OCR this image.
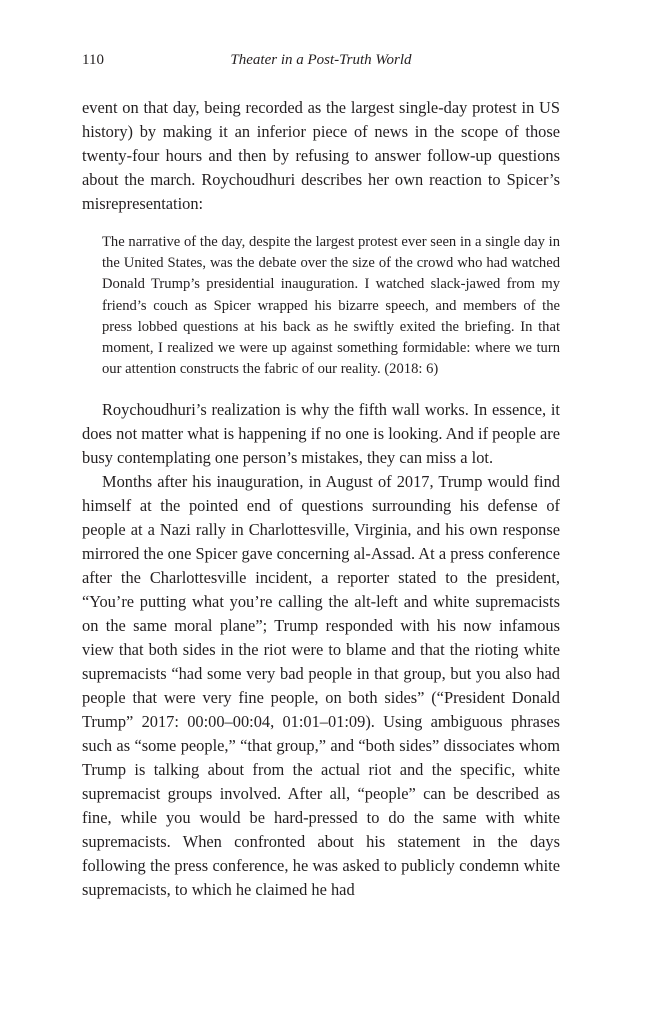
110	Theater in a Post-Truth World

event on that day, being recorded as the largest single-day protest in US history) by making it an inferior piece of news in the scope of those twenty-four hours and then by refusing to answer follow-up questions about the march. Roychoudhuri describes her own reaction to Spicer’s misrepresentation:

The narrative of the day, despite the largest protest ever seen in a single day in the United States, was the debate over the size of the crowd who had watched Donald Trump’s presidential inauguration. I watched slack-jawed from my friend’s couch as Spicer wrapped his bizarre speech, and members of the press lobbed questions at his back as he swiftly exited the briefing. In that moment, I realized we were up against something formidable: where we turn our attention constructs the fabric of our reality. (2018: 6)

Roychoudhuri’s realization is why the fifth wall works. In essence, it does not matter what is happening if no one is looking. And if people are busy contemplating one person’s mistakes, they can miss a lot.

Months after his inauguration, in August of 2017, Trump would find himself at the pointed end of questions surrounding his defense of people at a Nazi rally in Charlottesville, Virginia, and his own response mirrored the one Spicer gave concerning al-Assad. At a press conference after the Charlottesville incident, a reporter stated to the president, “You’re putting what you’re calling the alt-left and white supremacists on the same moral plane”; Trump responded with his now infamous view that both sides in the riot were to blame and that the rioting white supremacists “had some very bad people in that group, but you also had people that were very fine people, on both sides” (“President Donald Trump” 2017: 00:00–00:04, 01:01–01:09). Using ambiguous phrases such as “some people,” “that group,” and “both sides” dissociates whom Trump is talking about from the actual riot and the specific, white supremacist groups involved. After all, “people” can be described as fine, while you would be hard-pressed to do the same with white supremacists. When confronted about his statement in the days following the press conference, he was asked to publicly condemn white supremacists, to which he claimed he had
